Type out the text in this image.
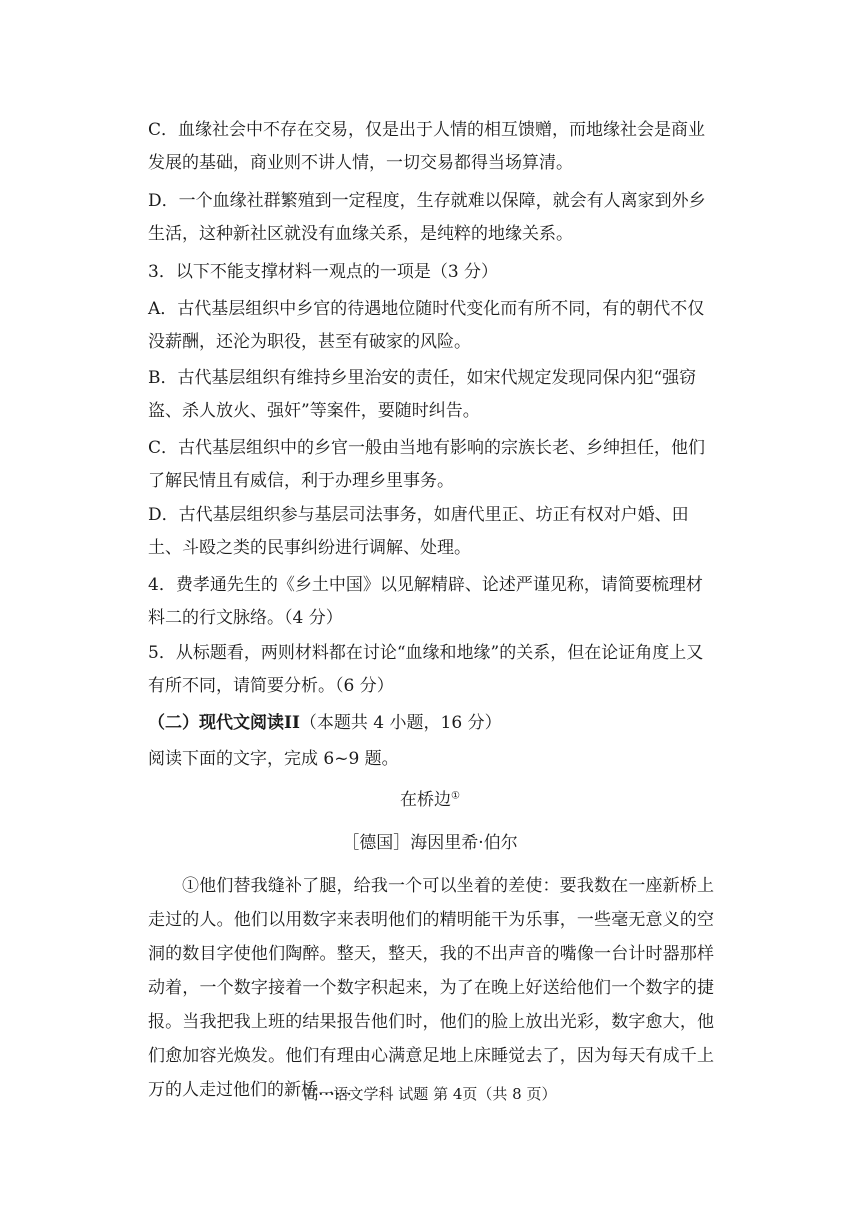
C．血缘社会中不存在交易，仅是出于人情的相互馈赠，而地缘社会是商业发展的基础，商业则不讲人情，一切交易都得当场算清。

D．一个血缘社群繁殖到一定程度，生存就难以保障，就会有人离家到外乡生活，这种新社区就没有血缘关系，是纯粹的地缘关系。

3．以下不能支撑材料一观点的一项是（3 分）

A．古代基层组织中乡官的待遇地位随时代变化而有所不同，有的朝代不仅没薪酬，还沦为职役，甚至有破家的风险。

B．古代基层组织有维持乡里治安的责任，如宋代规定发现同保内犯“强窃盗、杀人放火、强奸”等案件，要随时纠告。

C．古代基层组织中的乡官一般由当地有影响的宗族长老、乡绅担任，他们了解民情且有威信，利于办理乡里事务。

D．古代基层组织参与基层司法事务，如唐代里正、坊正有权对户婚、田土、斗殴之类的民事纠纷进行调解、处理。

4．费孝通先生的《乡土中国》以见解精辟、论述严谨见称，请简要梳理材料二的行文脉络。（4 分）

5．从标题看，两则材料都在讨论“血缘和地缘”的关系，但在论证角度上又有所不同，请简要分析。（6 分）

（二）现代文阅读II（本题共 4 小题，16 分）

阅读下面的文字，完成 6~9 题。

在桥边①

［德国］海因里希·伯尔

①他们替我缝补了腿，给我一个可以坐着的差使：要我数在一座新桥上走过的人。他们以用数字来表明他们的精明能干为乐事，一些毫无意义的空洞的数目字使他们陶醉。整天，整天，我的不出声音的嘴像一台计时器那样动着，一个数字接着一个数字积起来，为了在晚上好送给他们一个数字的捷报。当我把我上班的结果报告他们时，他们的脸上放出光彩，数字愈大，他们愈加容光焕发。他们有理由心满意足地上床睡觉去了，因为每天有成千上万的人走过他们的新桥……

高一语文学科 试题 第 4页（共 8 页）
